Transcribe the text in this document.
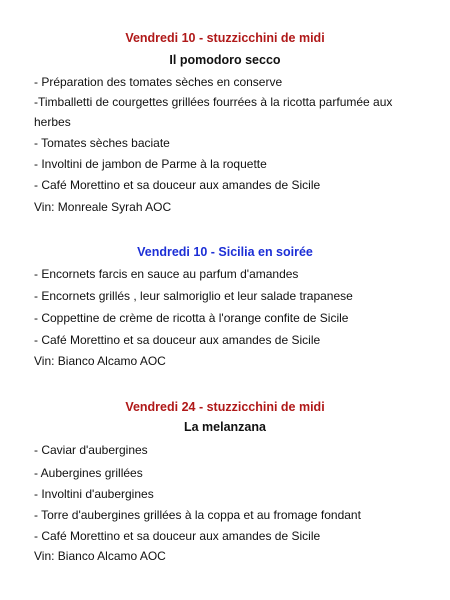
Vendredi 10 - stuzzicchini de midi
Il pomodoro secco
- Préparation des tomates sèches en conserve
-Timballetti de courgettes grillées fourrées à la ricotta parfumée aux
herbes
- Tomates sèches baciate
- Involtini de jambon de Parme à la roquette
- Café Morettino et sa douceur aux amandes de Sicile
Vin: Monreale Syrah AOC
Vendredi 10 - Sicilia en soirée
- Encornets farcis en sauce au parfum d'amandes
- Encornets grillés , leur salmoriglio et leur salade trapanese
- Coppettine de crème de ricotta à l'orange confite de Sicile
- Café Morettino et sa douceur aux amandes de Sicile
Vin: Bianco Alcamo AOC
Vendredi 24 - stuzzicchini de midi
La melanzana
- Caviar d'aubergines
- Aubergines grillées
- Involtini d'aubergines
- Torre d'aubergines grillées à la coppa et au fromage fondant
- Café Morettino et sa douceur aux amandes de Sicile
Vin: Bianco Alcamo AOC
